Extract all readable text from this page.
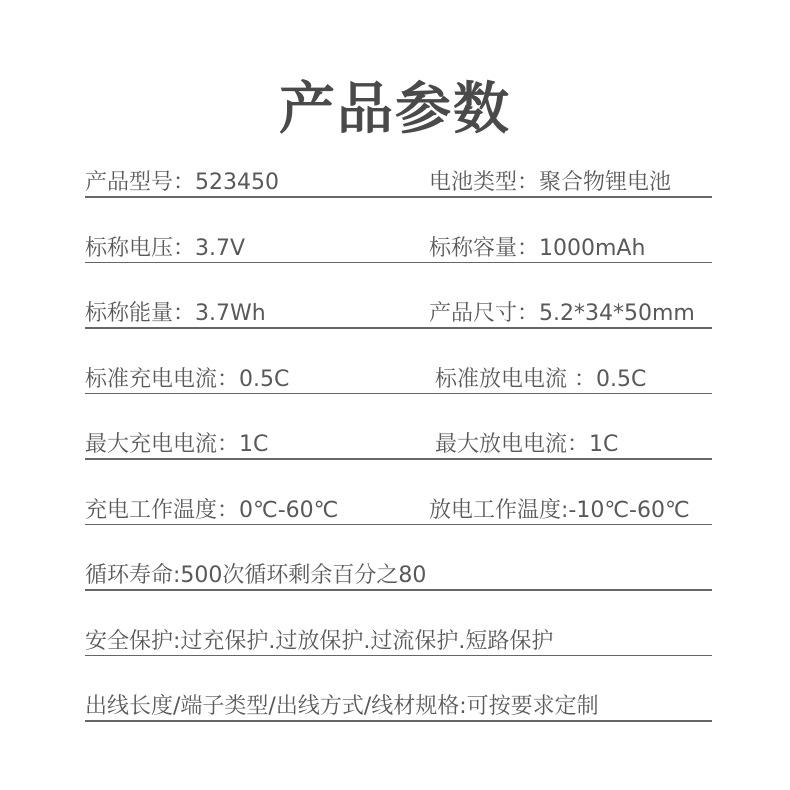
产品参数
产品型号：523450	电池类型：聚合物锂电池
标称电压：3.7V	标称容量：1000mAh
标称能量：3.7Wh	产品尺寸：5.2*34*50mm
标准充电电流：0.5C	标准放电电流 ：0.5C
最大充电电流：1C	最大放电电流：1C
充电工作温度：0℃-60℃	放电工作温度:-10℃-60℃
循环寿命:500次循环剩余百分之80
安全保护:过充保护.过放保护.过流保护.短路保护
出线长度/端子类型/出线方式/线材规格:可按要求定制
